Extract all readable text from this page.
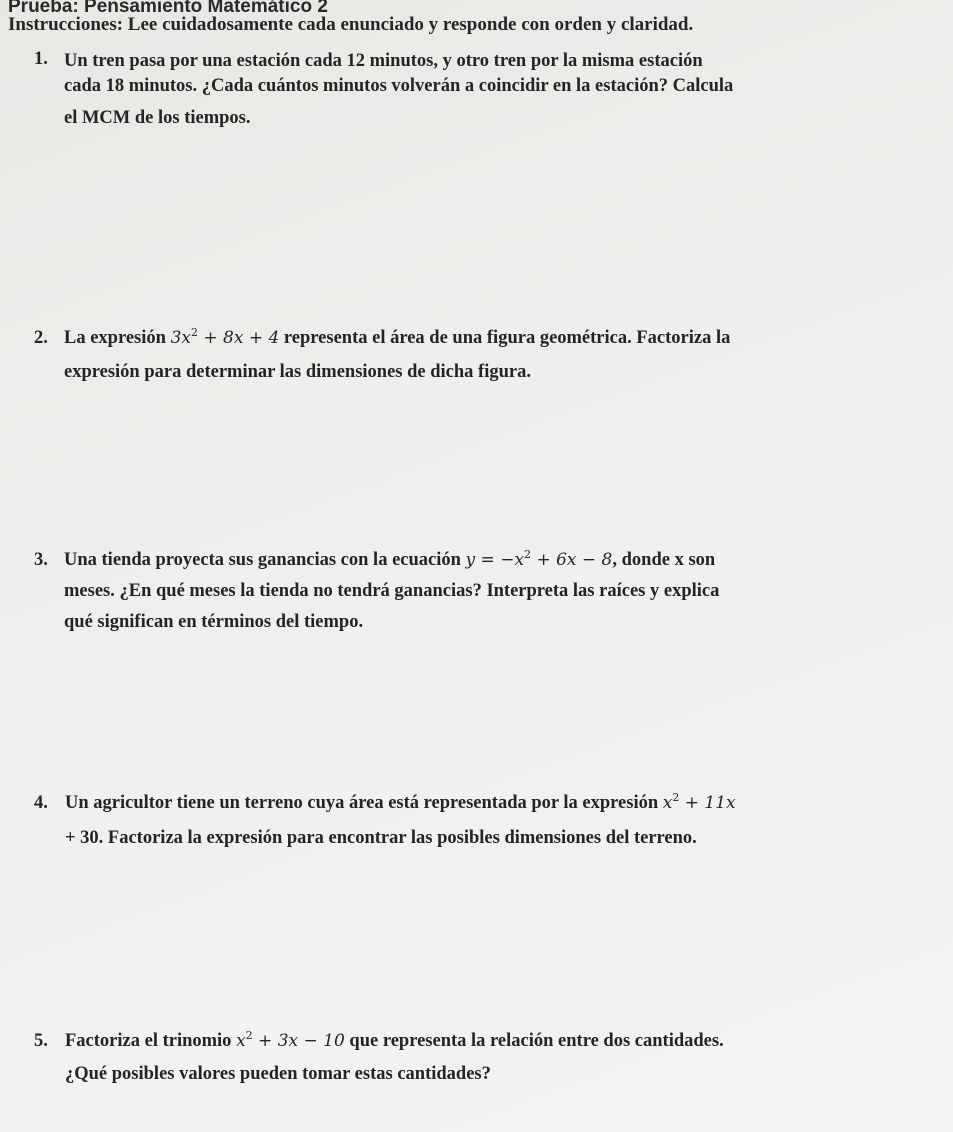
Prueba: Pensamiento Matemático 2
Instrucciones: Lee cuidadosamente cada enunciado y responde con orden y claridad.
1. Un tren pasa por una estación cada 12 minutos, y otro tren por la misma estación
cada 18 minutos. ¿Cada cuántos minutos volverán a coincidir en la estación? Calcula
el MCM de los tiempos.
2. La expresión $3x^2 + 8x + 4$ representa el área de una figura geométrica. Factoriza la
expresión para determinar las dimensiones de dicha figura.
3. Una tienda proyecta sus ganancias con la ecuación $y = -x^2 + 6x - 8$, donde x son
meses. ¿En qué meses la tienda no tendrá ganancias? Interpreta las raíces y explica
qué significan en términos del tiempo.
4. Un agricultor tiene un terreno cuya área está representada por la expresión $x^2 + 11x$
+ 30. Factoriza la expresión para encontrar las posibles dimensiones del terreno.
5. Factoriza el trinomio $x^2 + 3x - 10$ que representa la relación entre dos cantidades.
¿Qué posibles valores pueden tomar estas cantidades?
